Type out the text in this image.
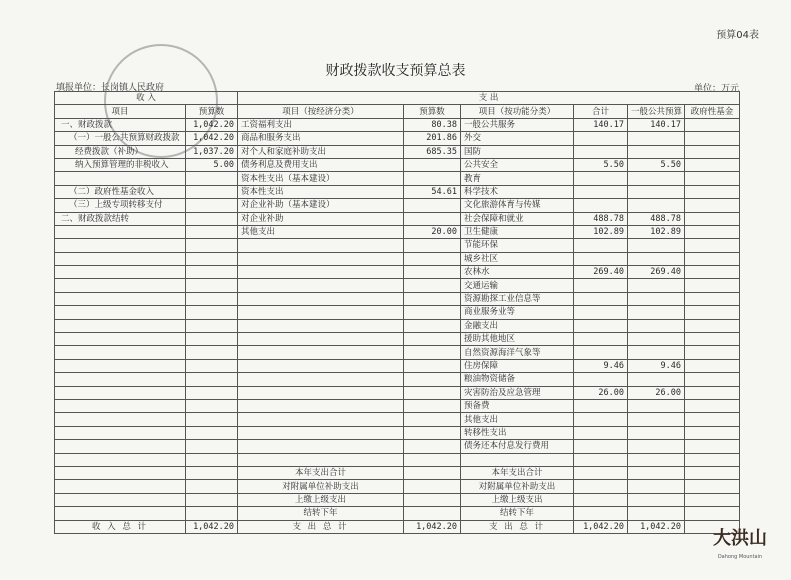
预算04表
财政拨款收支预算总表
填报单位：长岗镇人民政府	单位：万元
收 入		支 出					
项目	预算数	项目（按经济分类）	预算数	项目（按功能分类）	合计	一般公共预算	政府性基金
一、财政拨款	1,042.20	工资福利支出	80.38	一般公共服务	140.17	140.17	
（一）一般公共预算财政拨款	1,042.20	商品和服务支出	201.86	外交			
经费拨款（补助）	1,037.20	对个人和家庭补助支出	685.35	国防			
纳入预算管理的非税收入	5.00	债务利息及费用支出		公共安全	5.50	5.50	
		资本性支出（基本建设）		教育			
（二）政府性基金收入		资本性支出	54.61	科学技术			
（三）上级专项转移支付		对企业补助（基本建设）		文化旅游体育与传媒			
二、财政拨款结转		对企业补助		社会保障和就业	488.78	488.78	
		其他支出	20.00	卫生健康	102.89	102.89	
				节能环保			
				城乡社区			
				农林水	269.40	269.40	
				交通运输			
				资源勘探工业信息等			
				商业服务业等			
				金融支出			
				援助其他地区			
				自然资源海洋气象等			
				住房保障	9.46	9.46	
				粮油物资储备			
				灾害防治及应急管理	26.00	26.00	
				预备费			
				其他支出			
				转移性支出			
				债务还本付息发行费用			

		本年支出合计		本年支出合计			
		对附属单位补助支出		对附属单位补助支出			
		上缴上级支出		上缴上级支出			
		结转下年		结转下年			
收 入 总 计	1,042.20	支 出 总 计	1,042.20	支 出 总 计	1,042.20	1,042.20	
大洪山
Dahong Mountain
